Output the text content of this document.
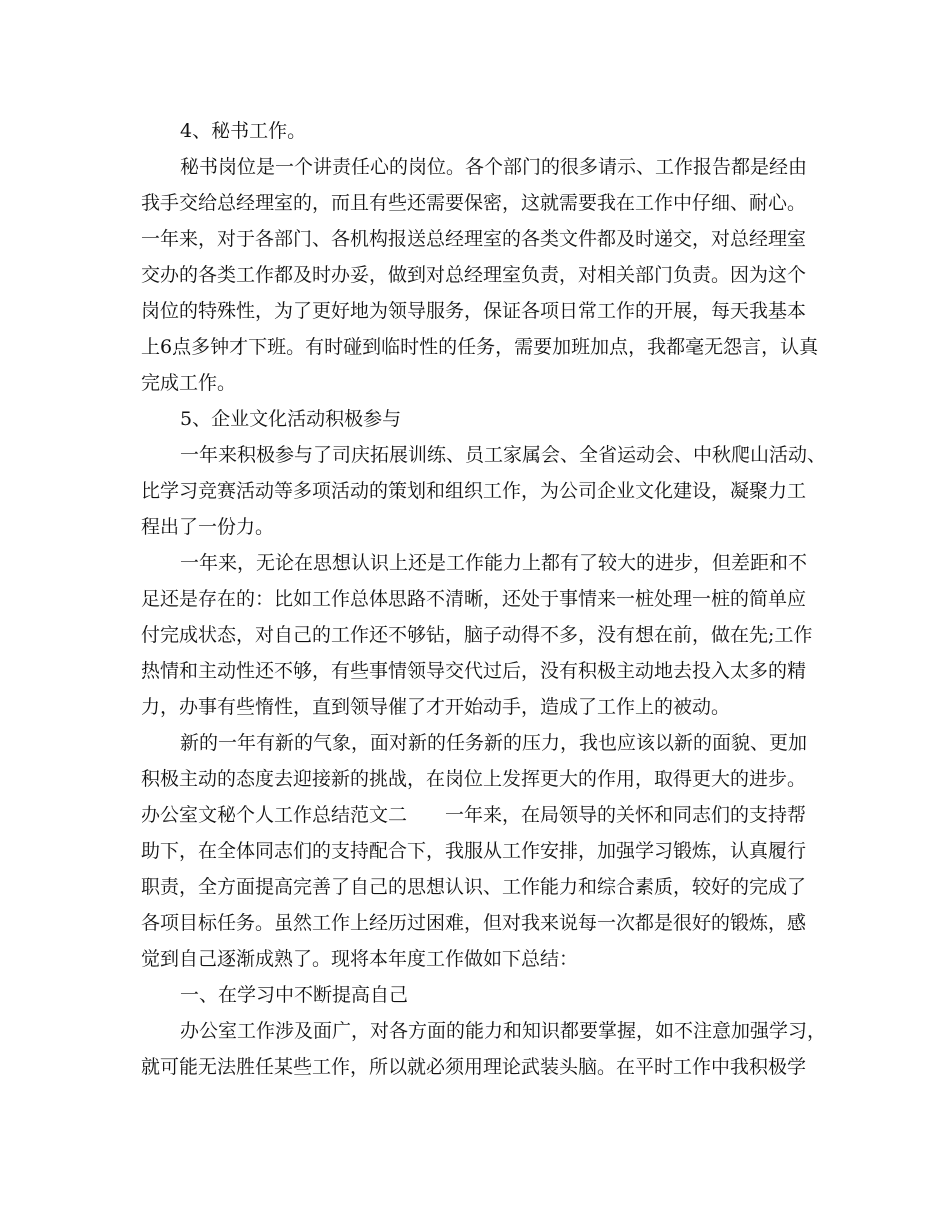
4、秘书工作。
秘书岗位是一个讲责任心的岗位。各个部门的很多请示、工作报告都是经由
我手交给总经理室的，而且有些还需要保密，这就需要我在工作中仔细、耐心。
一年来，对于各部门、各机构报送总经理室的各类文件都及时递交，对总经理室
交办的各类工作都及时办妥，做到对总经理室负责，对相关部门负责。因为这个
岗位的特殊性，为了更好地为领导服务，保证各项日常工作的开展，每天我基本
上6点多钟才下班。有时碰到临时性的任务，需要加班加点，我都毫无怨言，认真
完成工作。
5、企业文化活动积极参与
一年来积极参与了司庆拓展训练、员工家属会、全省运动会、中秋爬山活动、
比学习竞赛活动等多项活动的策划和组织工作，为公司企业文化建设，凝聚力工
程出了一份力。
一年来，无论在思想认识上还是工作能力上都有了较大的进步，但差距和不
足还是存在的：比如工作总体思路不清晰，还处于事情来一桩处理一桩的简单应
付完成状态，对自己的工作还不够钻，脑子动得不多，没有想在前，做在先;工作
热情和主动性还不够，有些事情领导交代过后，没有积极主动地去投入太多的精
力，办事有些惰性，直到领导催了才开始动手，造成了工作上的被动。
新的一年有新的气象，面对新的任务新的压力，我也应该以新的面貌、更加
积极主动的态度去迎接新的挑战，在岗位上发挥更大的作用，取得更大的进步。
办公室文秘个人工作总结范文二　　一年来，在局领导的关怀和同志们的支持帮
助下，在全体同志们的支持配合下，我服从工作安排，加强学习锻炼，认真履行
职责，全方面提高完善了自己的思想认识、工作能力和综合素质，较好的完成了
各项目标任务。虽然工作上经历过困难，但对我来说每一次都是很好的锻炼，感
觉到自己逐渐成熟了。现将本年度工作做如下总结：
一、在学习中不断提高自己
办公室工作涉及面广，对各方面的能力和知识都要掌握，如不注意加强学习，
就可能无法胜任某些工作，所以就必须用理论武装头脑。在平时工作中我积极学
